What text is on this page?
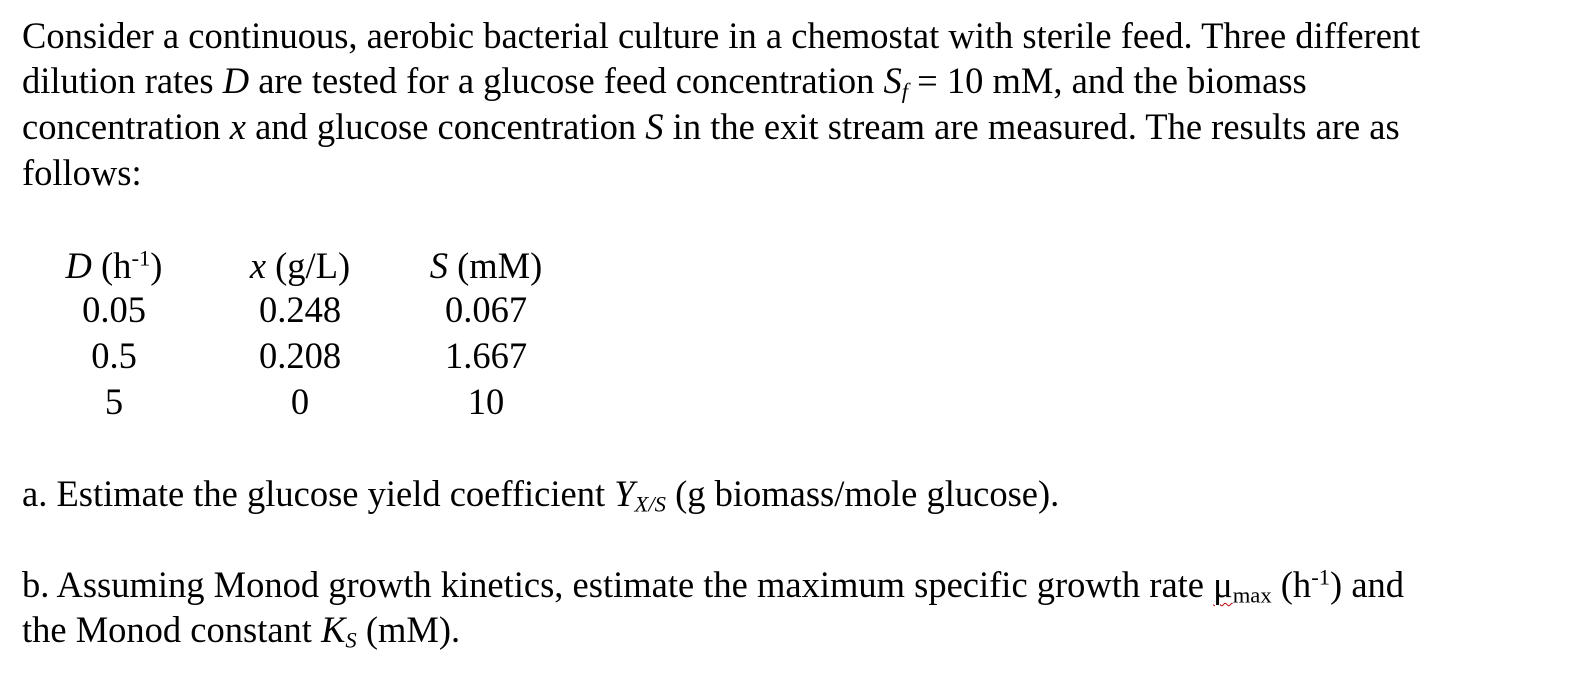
Consider a continuous, aerobic bacterial culture in a chemostat with sterile feed. Three different
dilution rates D are tested for a glucose feed concentration $S_f = 10$ mM, and the biomass
concentration x and glucose concentration S in the exit stream are measured. The results are as
follows:
D $(h^{-1})$	x (g/L)	S (mM)
0.05	0.248	0.067
0.5	0.208	1.667
5	0	10
a. Estimate the glucose yield coefficient $Y_{X/S}$ (g biomass/mole glucose).
b. Assuming Monod growth kinetics, estimate the maximum specific growth rate $\mu_{max}$ $(h^{-1})$ and
the Monod constant $K_S$ (mM).
